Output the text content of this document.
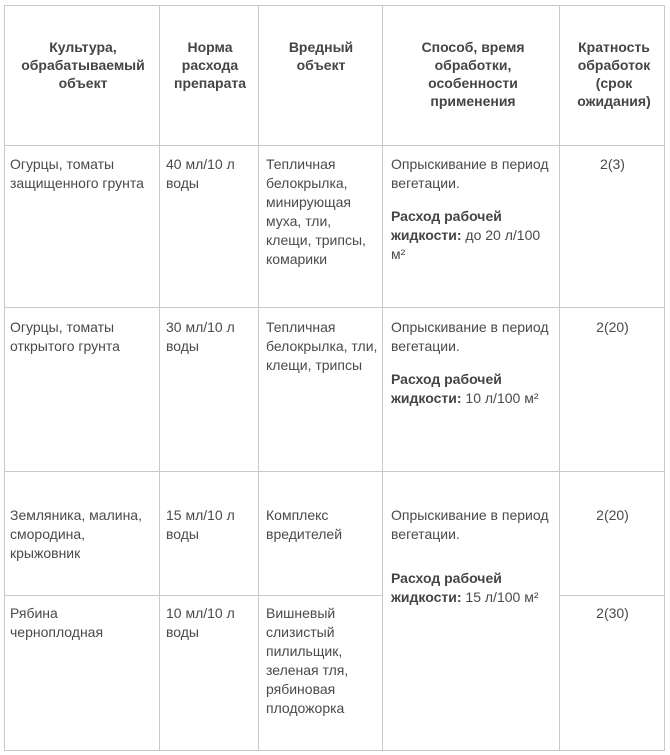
Культура, обрабатываемый объект
Норма расхода препарата
Вредный объект
Способ, время обработки, особенности применения
Кратность обработок (срок ожидания)
Огурцы, томаты защищенного грунта
40 мл/10 л воды
Тепличная белокрылка, минирующая муха, тли, клещи, трипсы, комарики
Опрыскивание в период вегетации.
Расход рабочей жидкости: до 20 л/100 м²
2(3)
Огурцы, томаты открытого грунта
30 мл/10 л воды
Тепличная белокрылка, тли, клещи, трипсы
Опрыскивание в период вегетации.
Расход рабочей жидкости: 10 л/100 м²
2(20)
Земляника, малина, смородина, крыжовник
15 мл/10 л воды
Комплекс вредителей
Опрыскивание в период вегетации.
Расход рабочей жидкости: 15 л/100 м²
2(20)
Рябина черноплодная
10 мл/10 л воды
Вишневый слизистый пилильщик, зеленая тля, рябиновая плодожорка
2(30)
